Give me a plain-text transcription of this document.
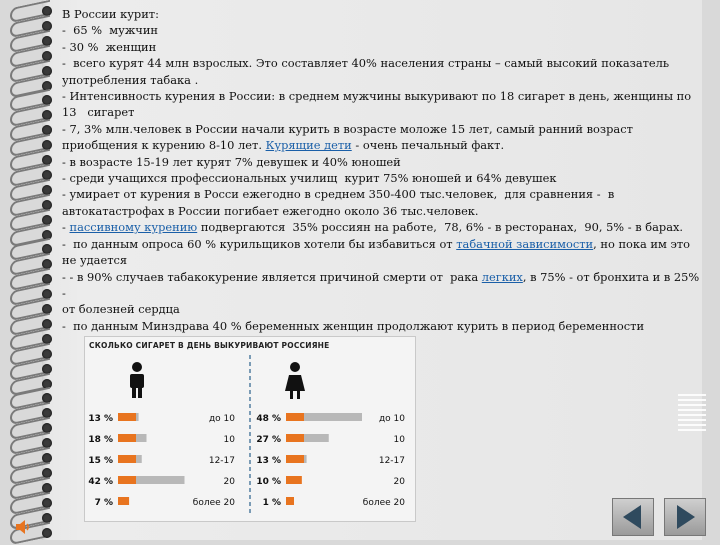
В России курит:

-  65 %  мужчин

- 30 %  женщин

-  всего курят 44 млн взрослых. Это составляет 40% населения страны – самый высокий показатель

употребления табака .

- Интенсивность курения в России: в среднем мужчины выкуривают по 18 сигарет в день, женщины по

13   сигарет

- 7, 3% млн.человек в России начали курить в возрасте моложе 15 лет, самый ранний возраст

приобщения к курению 8-10 лет. Курящие дети - очень печальный факт.

- в возрасте 15-19 лет курят 7% девушек и 40% юношей

- среди учащихся профессиональных училищ  курит 75% юношей и 64% девушек

- умирает от курения в Росси ежегодно в среднем 350-400 тыс.человек,  для сравнения -  в

автокатастрофах в России погибает ежегодно около 36 тыс.человек.

- пассивному курению подвергаются  35% россиян на работе,  78, 6% - в ресторанах,  90, 5% - в барах.

-  по данным опроса 60 % курильщиков хотели бы избавиться от табачной зависимости, но пока им это

не удается

- - в 90% случаев табакокурение является причиной смерти от  рака легких, в 75% - от бронхита и в 25% -

от болезней сердца

-  по данным Минздрава 40 % беременных женщин продолжают курить в период беременности

СКОЛЬКО СИГАРЕТ В ДЕНЬ ВЫКУРИВАЮТ РОССИЯНЕ
13 %	до 10
18 %	10
15 %	12-17
42 %	20
7 %	более 20
48 %	до 10
27 %	10
13 %	12-17
10 %	20
1 %	более 20
